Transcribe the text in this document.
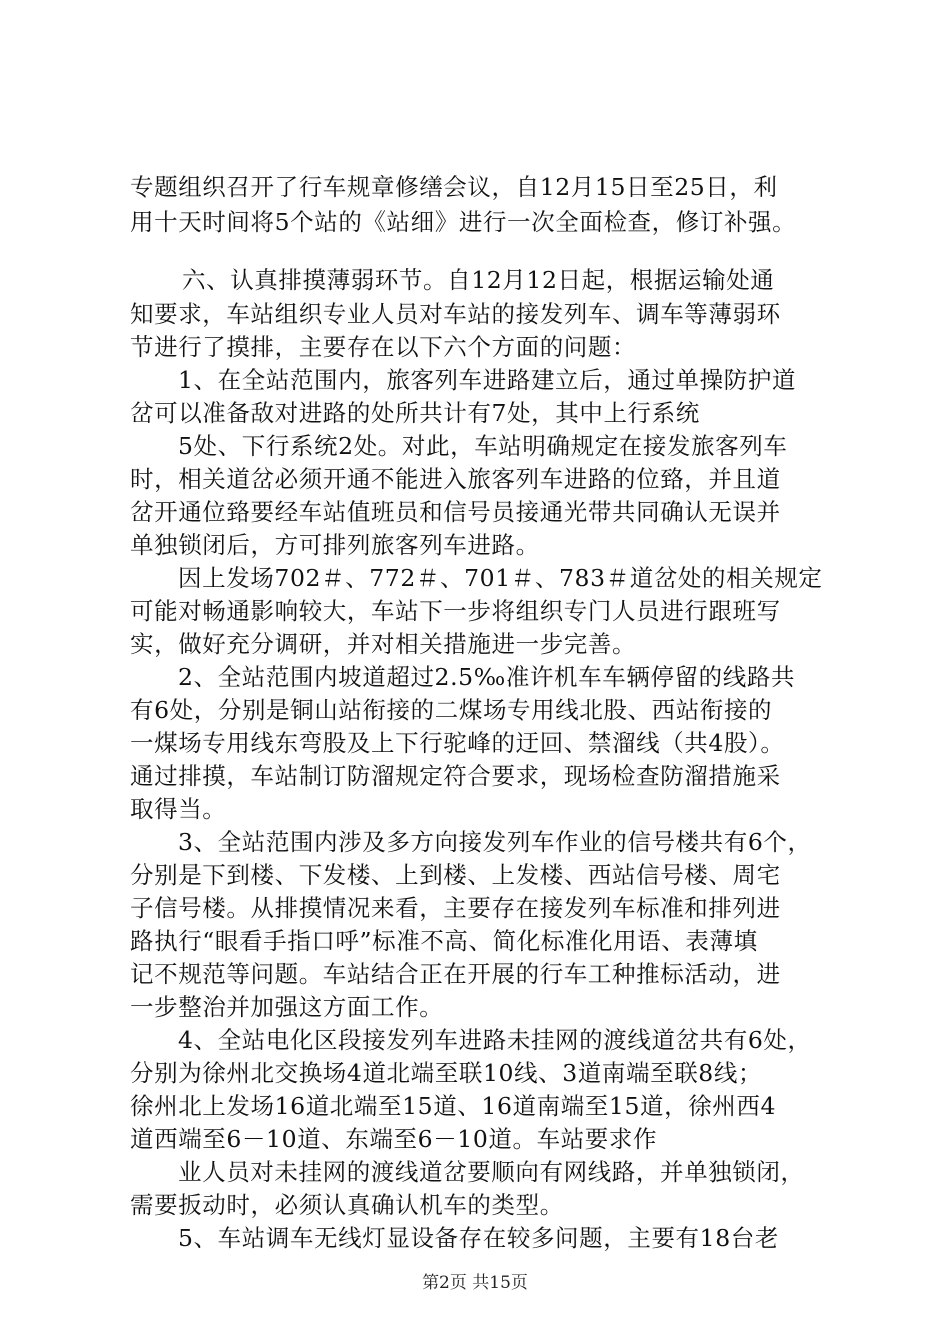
专题组织召开了行车规章修缮会议，自12月15日至25日，利
用十天时间将5个站的《站细》进行一次全面检查，修订补强。
六、认真排摸薄弱环节。自12月12日起，根据运输处通
知要求，车站组织专业人员对车站的接发列车、调车等薄弱环
节进行了摸排，主要存在以下六个方面的问题：
1、在全站范围内，旅客列车进路建立后，通过单操防护道
岔可以准备敌对进路的处所共计有7处，其中上行系统
5处、下行系统2处。对此，车站明确规定在接发旅客列车
时，相关道岔必须开通不能进入旅客列车进路的位臵，并且道
岔开通位臵要经车站值班员和信号员接通光带共同确认无误并
单独锁闭后，方可排列旅客列车进路。
因上发场702＃、772＃、701＃、783＃道岔处的相关规定
可能对畅通影响较大，车站下一步将组织专门人员进行跟班写
实，做好充分调研，并对相关措施进一步完善。
2、全站范围内坡道超过2.5‰准许机车车辆停留的线路共
有6处，分别是铜山站衔接的二煤场专用线北股、西站衔接的
一煤场专用线东弯股及上下行驼峰的迂回、禁溜线（共4股）。
通过排摸，车站制订防溜规定符合要求，现场检查防溜措施采
取得当。
3、全站范围内涉及多方向接发列车作业的信号楼共有6个，
分别是下到楼、下发楼、上到楼、上发楼、西站信号楼、周宅
子信号楼。从排摸情况来看，主要存在接发列车标准和排列进
路执行“眼看手指口呼”标准不高、简化标准化用语、表薄填
记不规范等问题。车站结合正在开展的行车工种推标活动，进
一步整治并加强这方面工作。
4、全站电化区段接发列车进路未挂网的渡线道岔共有6处，
分别为徐州北交换场4道北端至联10线、3道南端至联8线；
徐州北上发场16道北端至15道、16道南端至15道，徐州西4
道西端至6－10道、东端至6－10道。车站要求作
业人员对未挂网的渡线道岔要顺向有网线路，并单独锁闭，
需要扳动时，必须认真确认机车的类型。
5、车站调车无线灯显设备存在较多问题，主要有18台老
第2页 共15页
